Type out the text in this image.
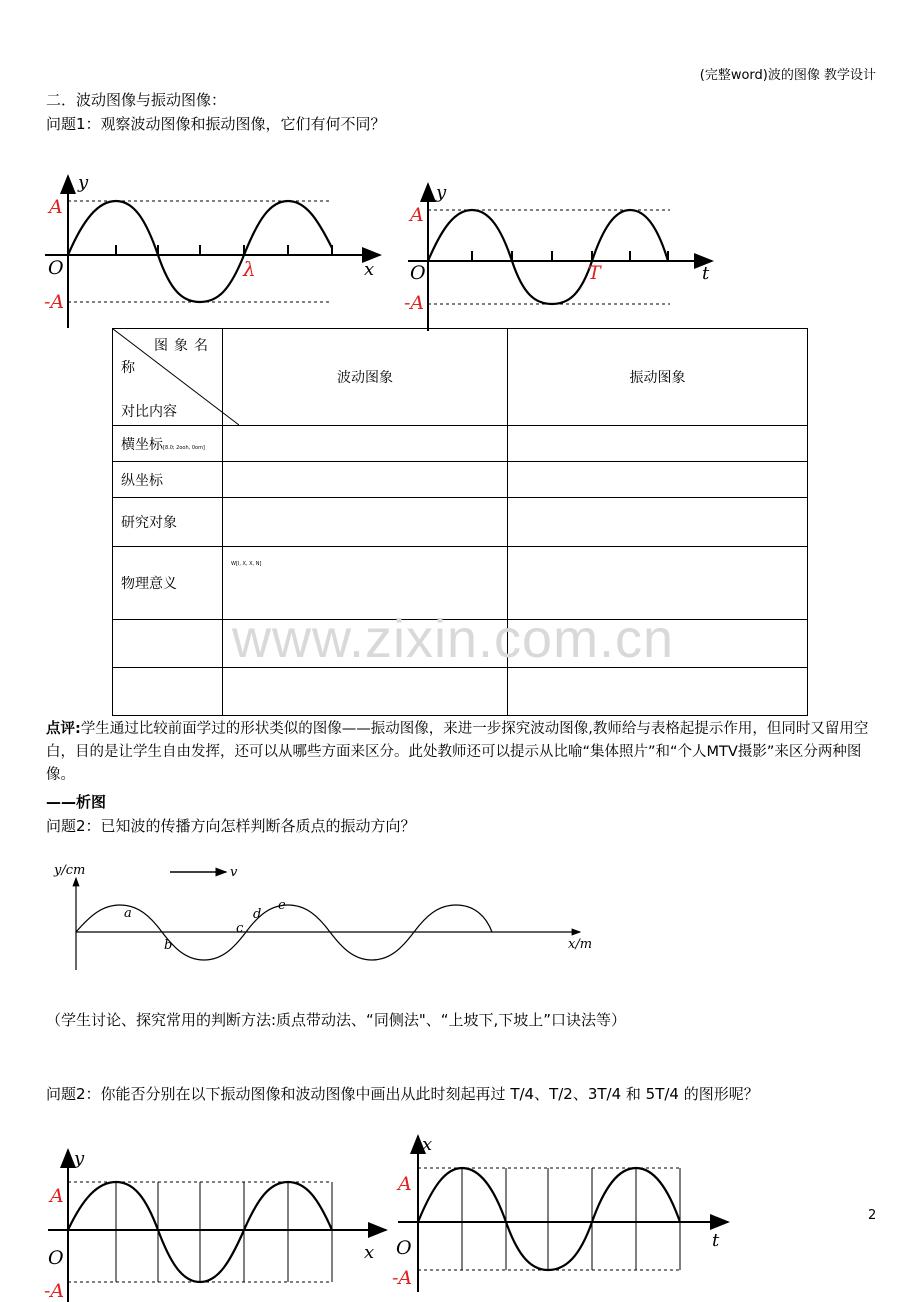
(完整word)波的图像 教学设计
二．波动图像与振动图像：
问题1：观察波动图像和振动图像，它们有何不同？
y
A
O
-A
λ	x
y
A
O
-A
T	t
图象名
称
对比内容	波动图象	振动图象
横坐标[8.0; 2ooh, 0om]		
纵坐标		
研究对象		
物理意义	W[I, X, X, N]	

www.zixin.com.cn
点评:学生通过比较前面学过的形状类似的图像——振动图像，来进一步探究波动图像,教师给与表格起提示作用，但同时又留用空白，目的是让学生自由发挥，还可以从哪些方面来区分。此处教师还可以提示从比喻“集体照片”和“个人MTV摄影”来区分两种图像。
——析图
问题2：已知波的传播方向怎样判断各质点的振动方向？
y/cm	v
a
b
c
d
e
x/m
（学生讨论、探究常用的判断方法:质点带动法、“同侧法"、“上坡下,下坡上”口诀法等）
问题2：你能否分别在以下振动图像和波动图像中画出从此时刻起再过 T/4、T/2、3T/4 和 5T/4 的图形呢？
y
A
O
-A
x
x
A
O
-A
t
2
